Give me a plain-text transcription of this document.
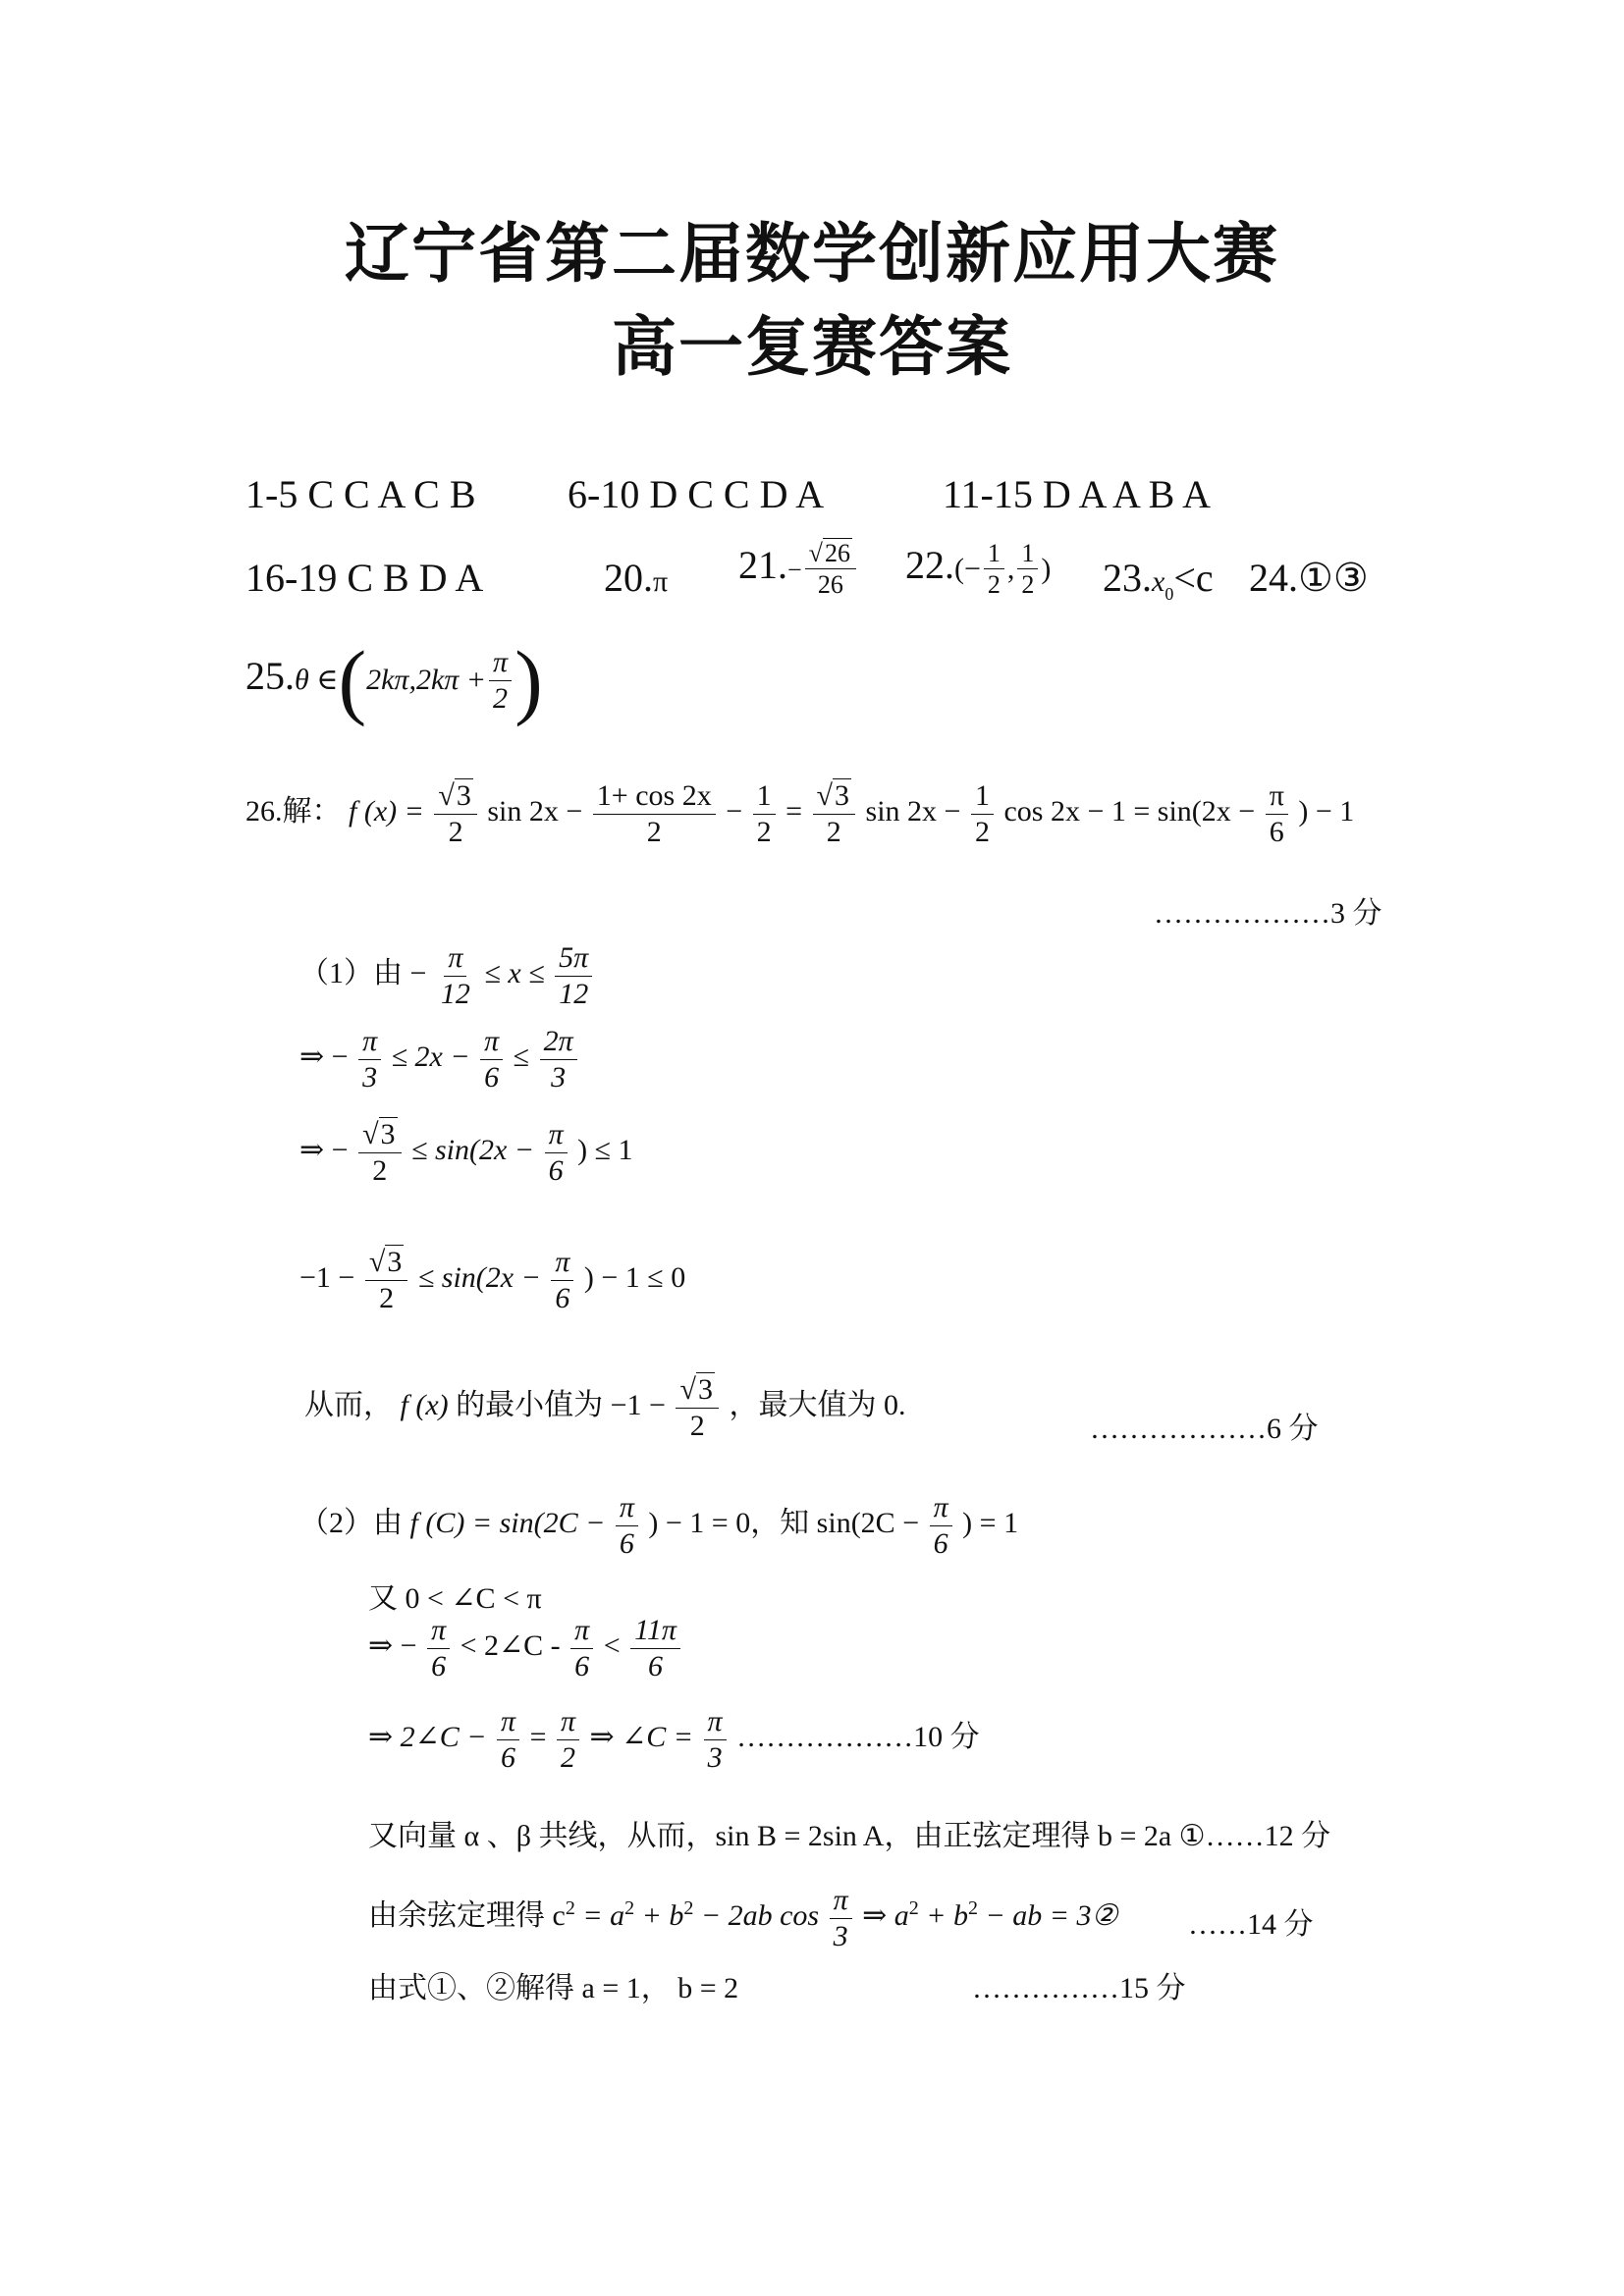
辽宁省第二届数学创新应用大赛
高一复赛答案
1-5 C C A C B 6-10 D C C D A	11-15 D A A B A
16-19 C B D A	20.π $21.- \frac{√26}{26} 22.(- \frac{1}{2}$ , $\frac{1}{2}$ ) $23.x_0<c$ 24.①③
25.θ ∈(2kπ,2kπ + $\frac{\pi}{2}$ )
26.解： f $(x) = \frac{√3}{2}$ $\sin 2x - \frac{1+ \cos 2x}{2} - \frac{1}{2} = \frac{√3}{2}$ $\sin 2x - \frac{1}{2}$ $\cos 2x - 1 = \sin(2x - \frac{\pi}{6}$ ) − 1
………………3 分
（1）由 − $\frac{\pi}{12} \le x \le \frac{5\pi}{12}$
⇒ − $\frac{\pi}{3} \le 2x - \frac{\pi}{6} \le \frac{2\pi}{3}$
⇒ − $\frac{√3}{2} \le \sin(2x - \frac{\pi}{6}$ ) ≤ 1
$-1 - \frac{√3}{2} \le \sin(2x - \frac{\pi}{6}$ ) − 1 ≤ 0
从而， f (x) 的最小值为 $-1 - \frac{√3}{2}$ ，最大值为 0.
………………6 分
（2）由 f $(C) = \sin(2C - \frac{\pi}{6}$ ) − 1 = 0，知 $\sin(2C - \frac{\pi}{6}$ ) = 1
又 0 < ∠C < π
⇒ − $\frac{\pi}{6}$ < 2∠C - $\frac{\pi}{6} < \frac{11\pi}{6}$
⇒ 2∠C − $\frac{\pi}{6} = \frac{\pi}{2}$ ⇒ ∠C = $\frac{\pi}{3}$ ………………10 分
又向量 α 、β 共线，从而，sin B = 2sin A，由正弦定理得 b = 2a ①……12 分
由余弦定理得 $c^2 = a^2 + b^2 - 2ab$ $\cos \frac{\pi}{3}$ ⇒ $a^2 + b^2$ − ab = 3② ……14 分
由式①、②解得 a = 1， b = 2	……………15 分
